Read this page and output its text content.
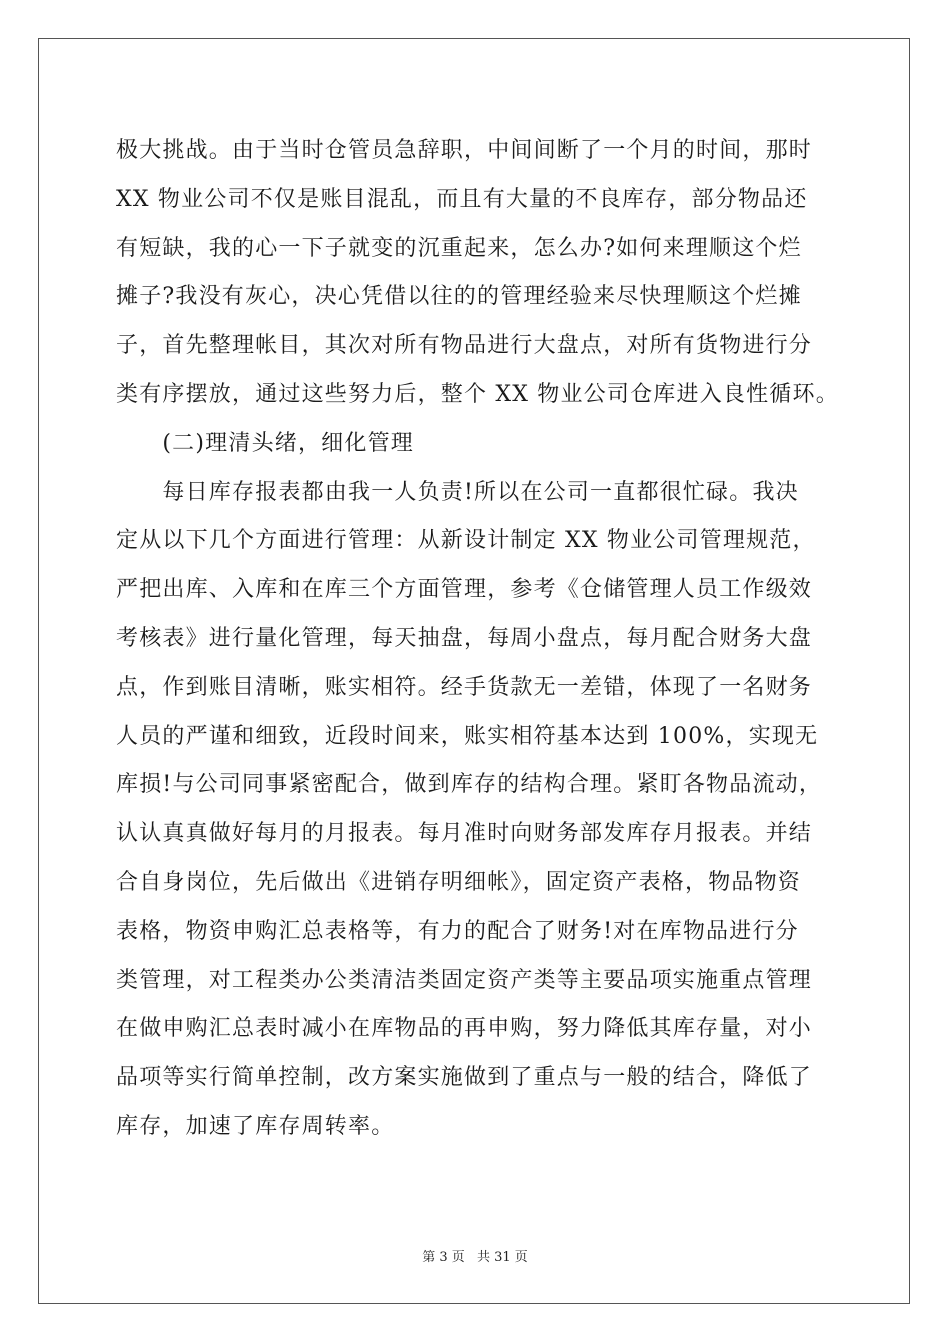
极大挑战。由于当时仓管员急辞职，中间间断了一个月的时间，那时
XX 物业公司不仅是账目混乱，而且有大量的不良库存，部分物品还
有短缺，我的心一下子就变的沉重起来，怎么办?如何来理顺这个烂
摊子?我没有灰心，决心凭借以往的的管理经验来尽快理顺这个烂摊
子，首先整理帐目，其次对所有物品进行大盘点，对所有货物进行分
类有序摆放，通过这些努力后，整个 XX 物业公司仓库进入良性循环。
　　(二)理清头绪，细化管理
　　每日库存报表都由我一人负责!所以在公司一直都很忙碌。我决
定从以下几个方面进行管理：从新设计制定 XX 物业公司管理规范，
严把出库、入库和在库三个方面管理，参考《仓储管理人员工作级效
考核表》进行量化管理，每天抽盘，每周小盘点，每月配合财务大盘
点，作到账目清晰，账实相符。经手货款无一差错，体现了一名财务
人员的严谨和细致，近段时间来，账实相符基本达到 100%，实现无
库损!与公司同事紧密配合，做到库存的结构合理。紧盯各物品流动，
认认真真做好每月的月报表。每月准时向财务部发库存月报表。并结
合自身岗位，先后做出《进销存明细帐》，固定资产表格，物品物资
表格，物资申购汇总表格等，有力的配合了财务!对在库物品进行分
类管理，对工程类办公类清洁类固定资产类等主要品项实施重点管理
在做申购汇总表时减小在库物品的再申购，努力降低其库存量，对小
品项等实行简单控制，改方案实施做到了重点与一般的结合，降低了
库存，加速了库存周转率。
第 3 页 共 31 页
